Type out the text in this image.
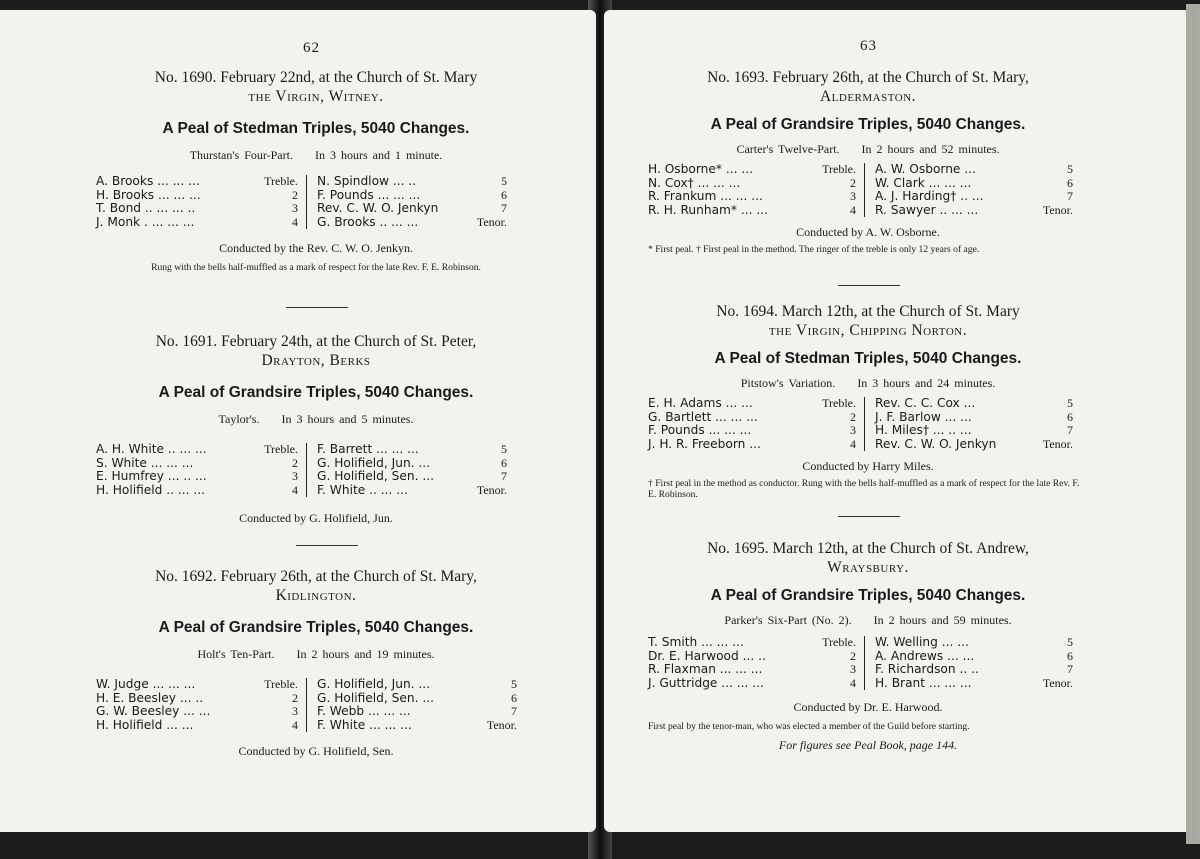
62
No. 1690. February 22nd, at the Church of St. Mary
the Virgin, Witney.
A Peal of Stedman Triples, 5040 Changes.
Thurstan's Four-Part. In 3 hours and 1 minute.
A. Brooks ... ... ...	Treble.
H. Brooks ... ... ...	2
T. Bond .. ... ... ..	3
J. Monk . ... ... ...	4
N. Spindlow ... ..	5
F. Pounds ... ... ...	6
Rev. C. W. O. Jenkyn	7
G. Brooks .. ... ...	Tenor.
Conducted by the Rev. C. W. O. Jenkyn.
Rung with the bells half-muffled as a mark of respect for the late Rev. F. E. Robinson.
No. 1691. February 24th, at the Church of St. Peter,
Drayton, Berks
A Peal of Grandsire Triples, 5040 Changes.
Taylor's. In 3 hours and 5 minutes.
A. H. White .. ... ...	Treble.
S. White ... ... ...	2
E. Humfrey ... .. ...	3
H. Holifield .. ... ...	4
F. Barrett ... ... ...	5
G. Holifield, Jun. ...	6
G. Holifield, Sen. ...	7
F. White .. ... ...	Tenor.
Conducted by G. Holifield, Jun.
No. 1692. February 26th, at the Church of St. Mary,
Kidlington.
A Peal of Grandsire Triples, 5040 Changes.
Holt's Ten-Part. In 2 hours and 19 minutes.
W. Judge ... ... ...	Treble.
H. E. Beesley ... ..	2
G. W. Beesley ... ...	3
H. Holifield ... ...	4
G. Holifield, Jun. ...	5
G. Holifield, Sen. ...	6
F. Webb ... ... ...	7
F. White ... ... ...	Tenor.
Conducted by G. Holifield, Sen.
63
No. 1693. February 26th, at the Church of St. Mary,
Aldermaston.
A Peal of Grandsire Triples, 5040 Changes.
Carter's Twelve-Part. In 2 hours and 52 minutes.
H. Osborne* ... ...	Treble.
N. Cox† ... ... ...	2
R. Frankum ... ... ...	3
R. H. Runham* ... ...	4
A. W. Osborne ...	5
W. Clark ... ... ...	6
A. J. Harding† .. ...	7
R. Sawyer .. ... ...	Tenor.
Conducted by A. W. Osborne.
* First peal. † First peal in the method. The ringer of the treble is only 12 years of age.
No. 1694. March 12th, at the Church of St. Mary
the Virgin, Chipping Norton.
A Peal of Stedman Triples, 5040 Changes.
Pitstow's Variation. In 3 hours and 24 minutes.
E. H. Adams ... ...	Treble.
G. Bartlett ... ... ...	2
F. Pounds ... ... ...	3
J. H. R. Freeborn ...	4
Rev. C. C. Cox ...	5
J. F. Barlow ... ...	6
H. Miles† ... .. ...	7
Rev. C. W. O. Jenkyn	Tenor.
Conducted by Harry Miles.
† First peal in the method as conductor. Rung with the bells half-muffled as a mark of respect for the late Rev. F. E. Robinson.
No. 1695. March 12th, at the Church of St. Andrew,
Wraysbury.
A Peal of Grandsire Triples, 5040 Changes.
Parker's Six-Part (No. 2). In 2 hours and 59 minutes.
T. Smith ... ... ...	Treble.
Dr. E. Harwood ... ..	2
R. Flaxman ... ... ...	3
J. Guttridge ... ... ...	4
W. Welling ... ...	5
A. Andrews ... ...	6
F. Richardson .. ..	7
H. Brant ... ... ...	Tenor.
Conducted by Dr. E. Harwood.
First peal by the tenor-man, who was elected a member of the Guild before starting.
For figures see Peal Book, page 144.
